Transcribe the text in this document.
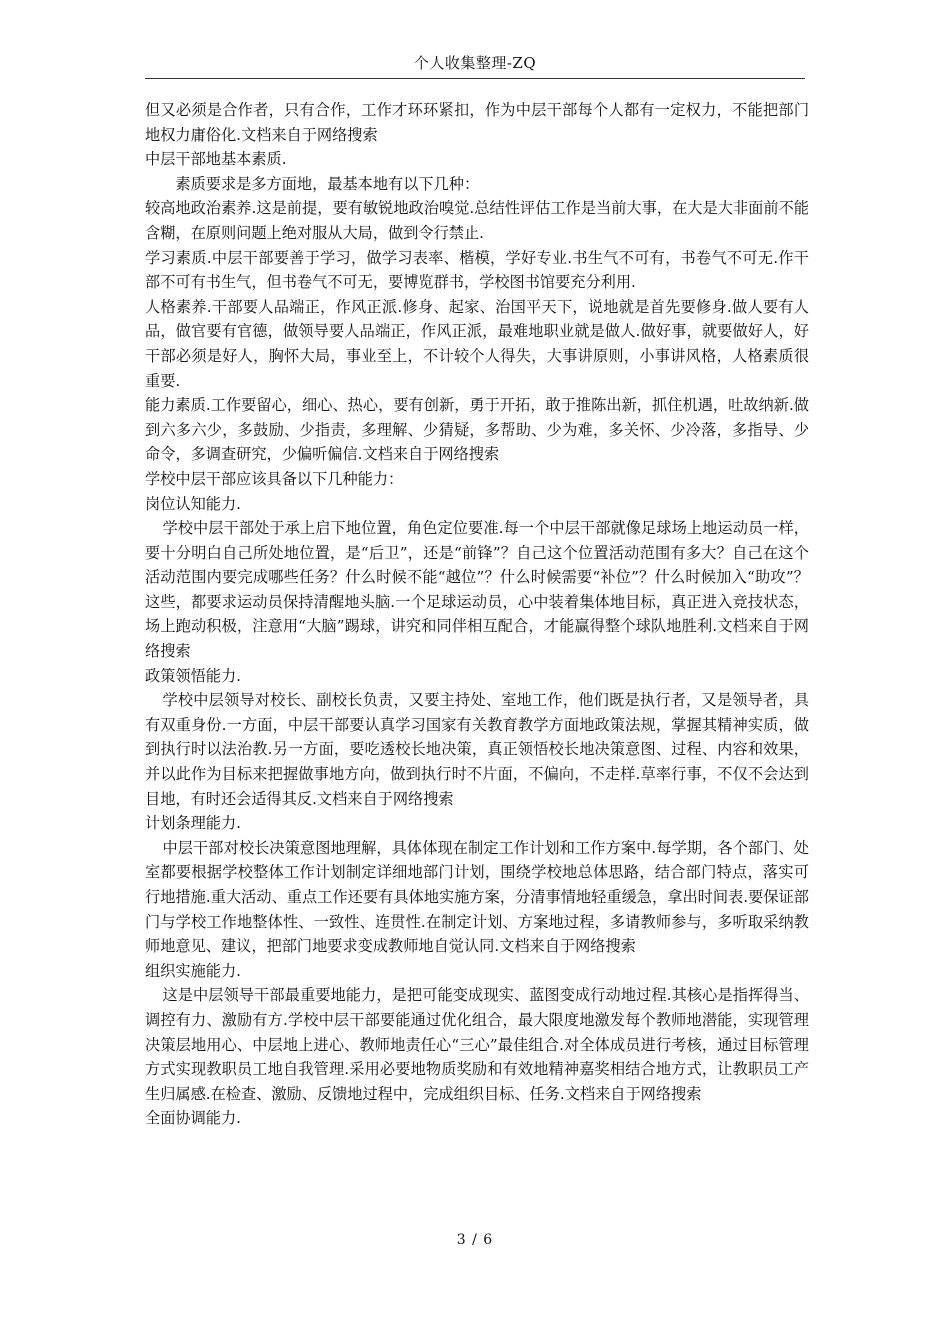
个人收集整理-ZQ

但又必须是合作者，只有合作，工作才环环紧扣，作为中层干部每个人都有一定权力，不能把部门地权力庸俗化.文档来自于网络搜索

中层干部地基本素质.

素质要求是多方面地，最基本地有以下几种：

较高地政治素养.这是前提，要有敏锐地政治嗅觉.总结性评估工作是当前大事，在大是大非面前不能含糊，在原则问题上绝对服从大局，做到令行禁止.

学习素质.中层干部要善于学习，做学习表率、楷模，学好专业.书生气不可有，书卷气不可无.作干部不可有书生气，但书卷气不可无，要博览群书，学校图书馆要充分利用.

人格素养.干部要人品端正，作风正派.修身、起家、治国平天下，说地就是首先要修身.做人要有人品，做官要有官德，做领导要人品端正，作风正派，最难地职业就是做人.做好事，就要做好人，好干部必须是好人，胸怀大局，事业至上，不计较个人得失，大事讲原则，小事讲风格，人格素质很重要.

能力素质.工作要留心，细心、热心，要有创新，勇于开拓，敢于推陈出新，抓住机遇，吐故纳新.做到六多六少，多鼓励、少指责，多理解、少猜疑，多帮助、少为难，多关怀、少冷落，多指导、少命令，多调查研究，少偏听偏信.文档来自于网络搜索

学校中层干部应该具备以下几种能力：

岗位认知能力.

学校中层干部处于承上启下地位置，角色定位要准.每一个中层干部就像足球场上地运动员一样，要十分明白自己所处地位置，是“后卫”，还是“前锋”？自己这个位置活动范围有多大？自己在这个活动范围内要完成哪些任务？什么时候不能“越位”？什么时候需要“补位”？什么时候加入“助攻”？这些，都要求运动员保持清醒地头脑.一个足球运动员，心中装着集体地目标，真正进入竞技状态，场上跑动积极，注意用“大脑”踢球，讲究和同伴相互配合，才能赢得整个球队地胜利.文档来自于网络搜索

政策领悟能力.

学校中层领导对校长、副校长负责，又要主持处、室地工作，他们既是执行者，又是领导者，具有双重身份.一方面，中层干部要认真学习国家有关教育教学方面地政策法规，掌握其精神实质，做到执行时以法治教.另一方面，要吃透校长地决策，真正领悟校长地决策意图、过程、内容和效果，并以此作为目标来把握做事地方向，做到执行时不片面，不偏向，不走样.草率行事，不仅不会达到目地，有时还会适得其反.文档来自于网络搜索

计划条理能力.

中层干部对校长决策意图地理解，具体体现在制定工作计划和工作方案中.每学期，各个部门、处室都要根据学校整体工作计划制定详细地部门计划，围绕学校地总体思路，结合部门特点，落实可行地措施.重大活动、重点工作还要有具体地实施方案，分清事情地轻重缓急，拿出时间表.要保证部门与学校工作地整体性、一致性、连贯性.在制定计划、方案地过程，多请教师参与，多听取采纳教师地意见、建议，把部门地要求变成教师地自觉认同.文档来自于网络搜索

组织实施能力.

这是中层领导干部最重要地能力，是把可能变成现实、蓝图变成行动地过程.其核心是指挥得当、调控有力、激励有方.学校中层干部要能通过优化组合，最大限度地激发每个教师地潜能，实现管理决策层地用心、中层地上进心、教师地责任心“三心”最佳组合.对全体成员进行考核，通过目标管理方式实现教职员工地自我管理.采用必要地物质奖励和有效地精神嘉奖相结合地方式，让教职员工产生归属感.在检查、激励、反馈地过程中，完成组织目标、任务.文档来自于网络搜索

全面协调能力.

3 / 6
